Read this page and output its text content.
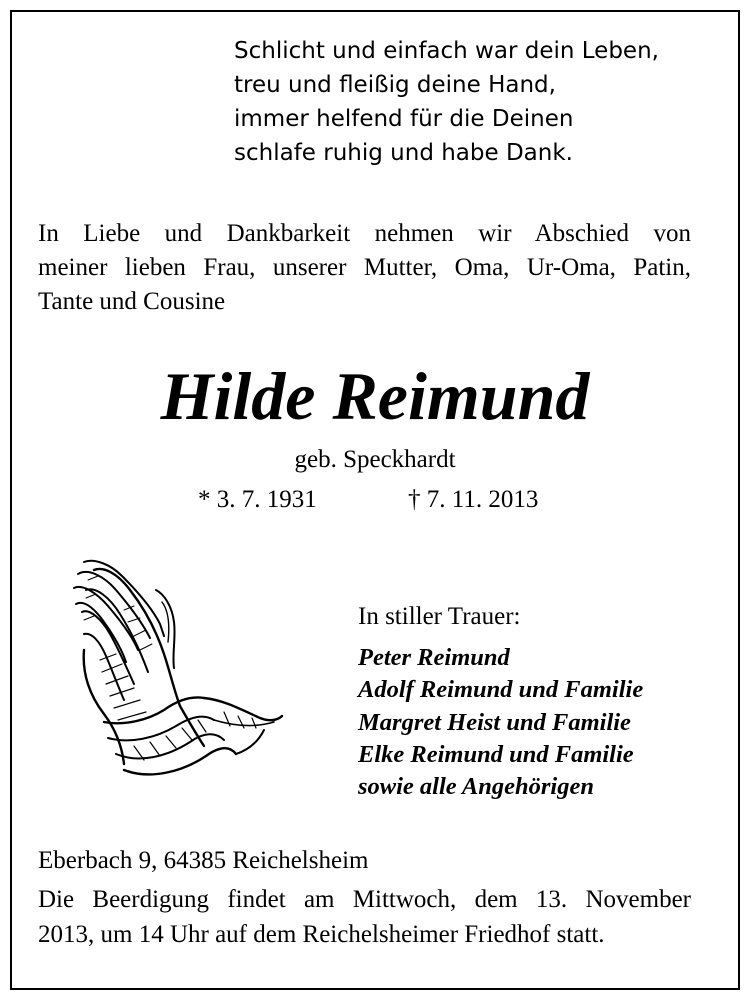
Schlicht und einfach war dein Leben,
treu und fleißig deine Hand,
immer helfend für die Deinen
schlafe ruhig und habe Dank.
In Liebe und Dankbarkeit nehmen wir Abschied von
meiner lieben Frau, unserer Mutter, Oma, Ur-Oma, Patin,
Tante und Cousine
Hilde Reimund
geb. Speckhardt
* 3. 7. 1931	† 7. 11. 2013
In stiller Trauer:
Peter Reimund
Adolf Reimund und Familie
Margret Heist und Familie
Elke Reimund und Familie
sowie alle Angehörigen
Eberbach 9, 64385 Reichelsheim
Die Beerdigung findet am Mittwoch, dem 13. November
2013, um 14 Uhr auf dem Reichelsheimer Friedhof statt.
